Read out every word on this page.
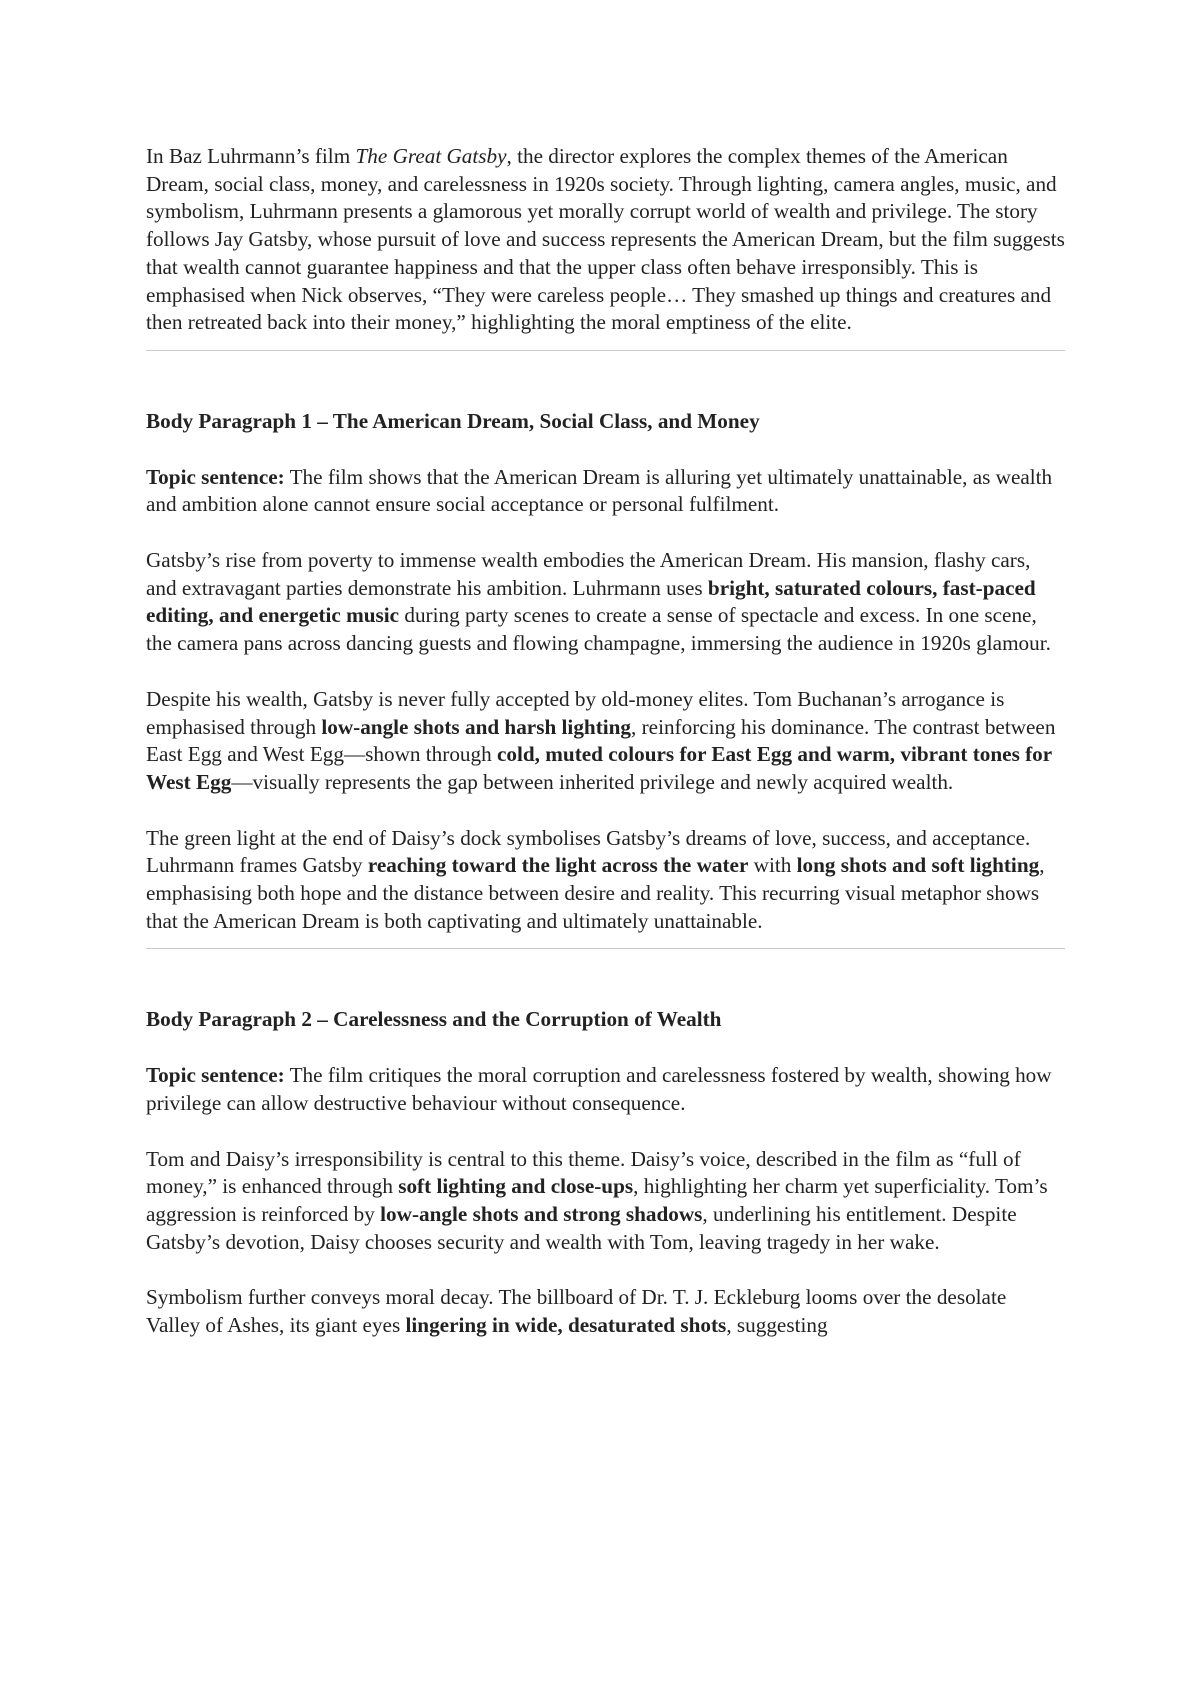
In Baz Luhrmann’s film The Great Gatsby, the director explores the complex themes of the American Dream, social class, money, and carelessness in 1920s society. Through lighting, camera angles, music, and symbolism, Luhrmann presents a glamorous yet morally corrupt world of wealth and privilege. The story follows Jay Gatsby, whose pursuit of love and success represents the American Dream, but the film suggests that wealth cannot guarantee happiness and that the upper class often behave irresponsibly. This is emphasised when Nick observes, “They were careless people… They smashed up things and creatures and then retreated back into their money,” highlighting the moral emptiness of the elite.

Body Paragraph 1 – The American Dream, Social Class, and Money

Topic sentence: The film shows that the American Dream is alluring yet ultimately unattainable, as wealth and ambition alone cannot ensure social acceptance or personal fulfilment.

Gatsby’s rise from poverty to immense wealth embodies the American Dream. His mansion, flashy cars, and extravagant parties demonstrate his ambition. Luhrmann uses bright, saturated colours, fast-paced editing, and energetic music during party scenes to create a sense of spectacle and excess. In one scene, the camera pans across dancing guests and flowing champagne, immersing the audience in 1920s glamour.

Despite his wealth, Gatsby is never fully accepted by old-money elites. Tom Buchanan’s arrogance is emphasised through low-angle shots and harsh lighting, reinforcing his dominance. The contrast between East Egg and West Egg—shown through cold, muted colours for East Egg and warm, vibrant tones for West Egg—visually represents the gap between inherited privilege and newly acquired wealth.

The green light at the end of Daisy’s dock symbolises Gatsby’s dreams of love, success, and acceptance. Luhrmann frames Gatsby reaching toward the light across the water with long shots and soft lighting, emphasising both hope and the distance between desire and reality. This recurring visual metaphor shows that the American Dream is both captivating and ultimately unattainable.

Body Paragraph 2 – Carelessness and the Corruption of Wealth

Topic sentence: The film critiques the moral corruption and carelessness fostered by wealth, showing how privilege can allow destructive behaviour without consequence.

Tom and Daisy’s irresponsibility is central to this theme. Daisy’s voice, described in the film as “full of money,” is enhanced through soft lighting and close-ups, highlighting her charm yet superficiality. Tom’s aggression is reinforced by low-angle shots and strong shadows, underlining his entitlement. Despite Gatsby’s devotion, Daisy chooses security and wealth with Tom, leaving tragedy in her wake.

Symbolism further conveys moral decay. The billboard of Dr. T. J. Eckleburg looms over the desolate Valley of Ashes, its giant eyes lingering in wide, desaturated shots, suggesting
